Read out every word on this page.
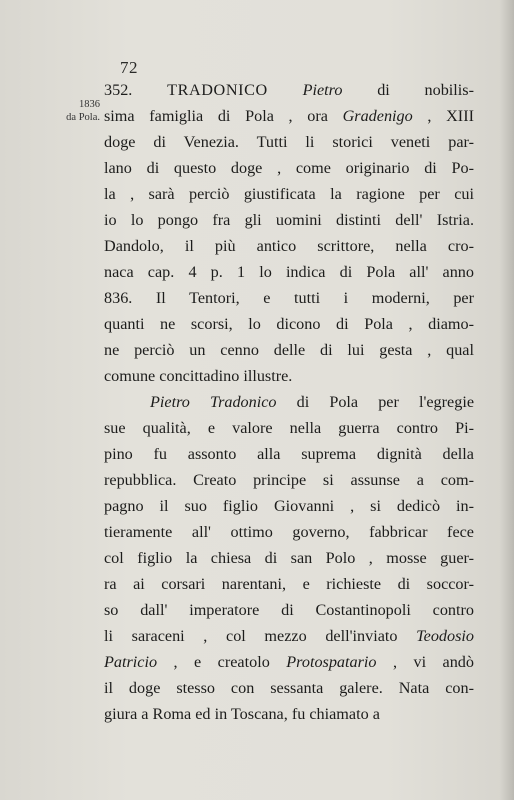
72
1836
da Pola.
352. TRADONICO Pietro di nobilis-
sima famiglia di Pola , ora Gradenigo , XIII
doge di Venezia. Tutti li storici veneti par-
lano di questo doge , come originario di Po-
la , sarà perciò giustificata la ragione per cui
io lo pongo fra gli uomini distinti dell' Istria.
Dandolo, il più antico scrittore, nella cro-
naca cap. 4 p. 1 lo indica di Pola all' anno
836. Il Tentori, e tutti i moderni, per
quanti ne scorsi, lo dicono di Pola , diamo-
ne perciò un cenno delle di lui gesta , qual
comune concittadino illustre.
Pietro Tradonico di Pola per l'egregie
sue qualità, e valore nella guerra contro Pi-
pino fu assonto alla suprema dignità della
repubblica. Creato principe si assunse a com-
pagno il suo figlio Giovanni , si dedicò in-
tieramente all' ottimo governo, fabbricar fece
col figlio la chiesa di san Polo , mosse guer-
ra ai corsari narentani, e richieste di soccor-
so dall' imperatore di Costantinopoli contro
li saraceni , col mezzo dell'inviato Teodosio
Patricio , e creatolo Protospatario , vi andò
il doge stesso con sessanta galere. Nata con-
giura a Roma ed in Toscana, fu chiamato a
